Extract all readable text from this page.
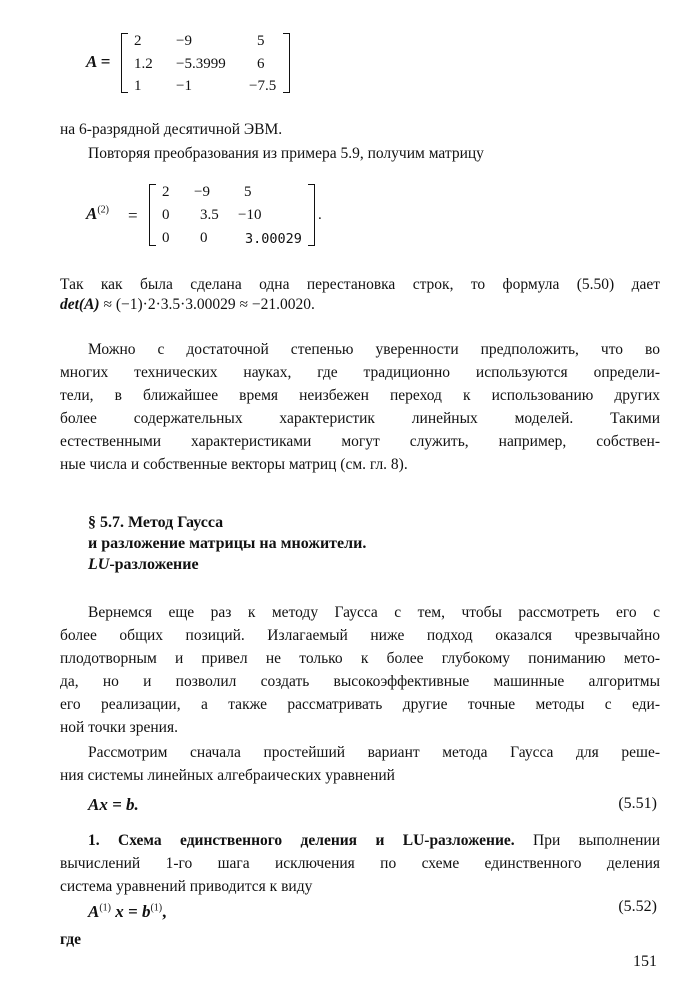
A =
2 −9	5
1.2 −5.3999 6
1 −1	−7.5
на 6-разрядной десятичной ЭВМ.
Повторяя преобразования из примера 5.9, получим матрицу
$A^{(2)}$ =
2 −9 5
0 3.5 −10
0 0	3.00029
.
Так как была сделана одна перестановка строк, то формула (5.50) дает
det(A) ≈ (−1)·2·3.5·3.00029 ≈ −21.0020.
Можно с достаточной степенью уверенности предположить, что во
многих технических науках, где традиционно используются определи-
тели, в ближайшее время неизбежен переход к использованию других
более содержательных характеристик линейных моделей. Такими
естественными характеристиками могут служить, например, собствен-
ные числа и собственные векторы матриц (см. гл. 8).
§ 5.7. Метод Гаусса
и разложение матрицы на множители.
LU-разложение
Вернемся еще раз к методу Гаусса с тем, чтобы рассмотреть его с
более общих позиций. Излагаемый ниже подход оказался чрезвычайно
плодотворным и привел не только к более глубокому пониманию мето-
да, но и позволил создать высокоэффективные машинные алгоритмы
его реализации, а также рассматривать другие точные методы с еди-
ной точки зрения.
Рассмотрим сначала простейший вариант метода Гаусса для реше-
ния системы линейных алгебраических уравнений
Ax = b.	(5.51)
1. Схема единственного деления и LU-разложение. При выполнении
вычислений 1-го шага исключения по схеме единственного деления
система уравнений приводится к виду
$A^{(1)}$ $x = b^{(1)}$,	(5.52)
где
151
